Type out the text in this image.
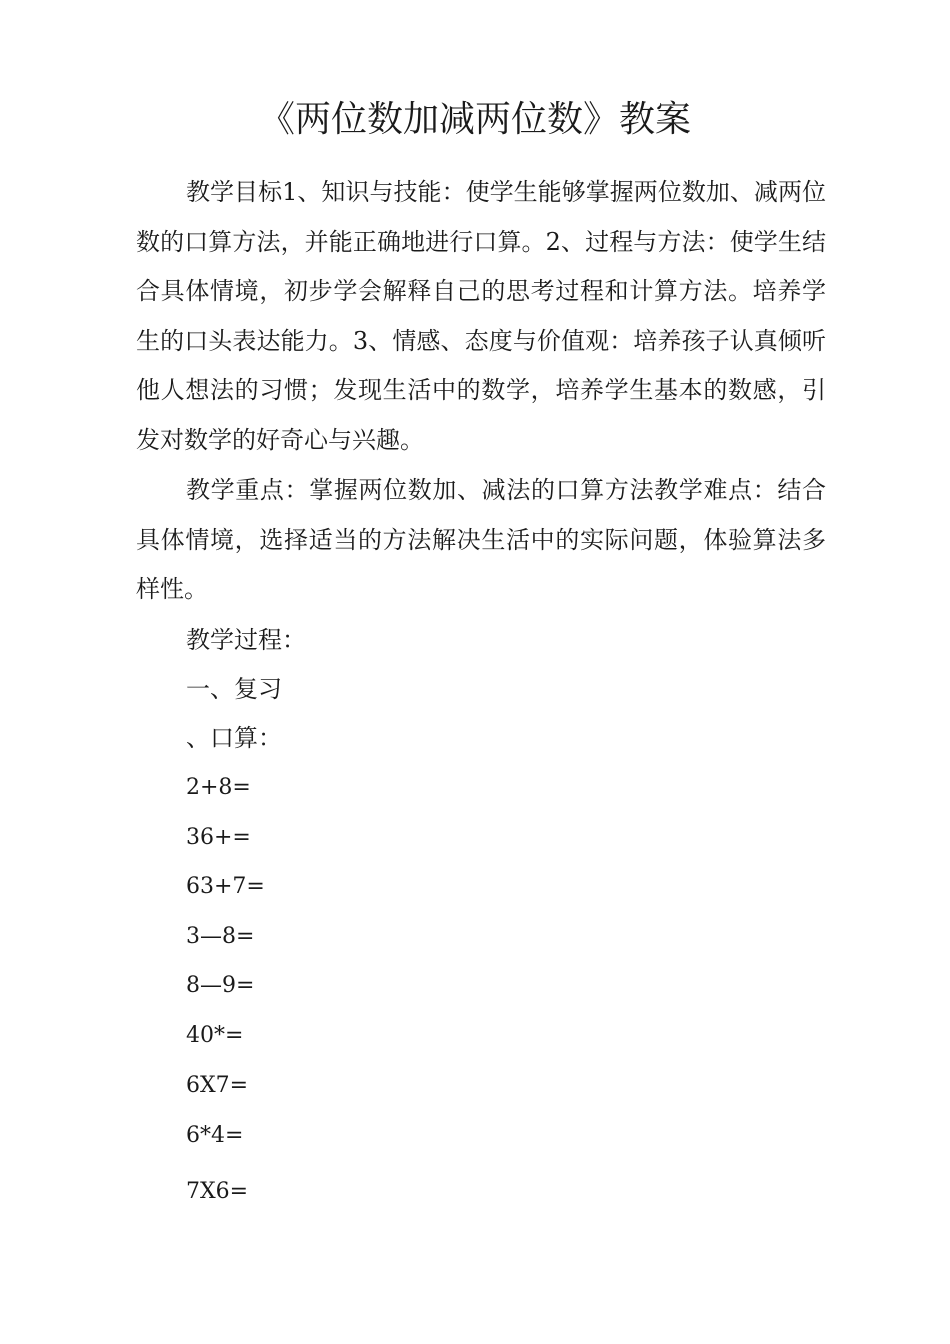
《两位数加减两位数》教案

教学目标1、知识与技能：使学生能够掌握两位数加、减两位数的口算方法，并能正确地进行口算。2、过程与方法：使学生结合具体情境，初步学会解释自己的思考过程和计算方法。培养学生的口头表达能力。3、情感、态度与价值观：培养孩子认真倾听他人想法的习惯；发现生活中的数学，培养学生基本的数感，引发对数学的好奇心与兴趣。

教学重点：掌握两位数加、减法的口算方法教学难点：结合具体情境，选择适当的方法解决生活中的实际问题，体验算法多样性。

教学过程：
一、复习
、口算：
2+8=
36+=
63+7=
3—8=
8—9=
40*=
6X7=
6*4=
7X6=
